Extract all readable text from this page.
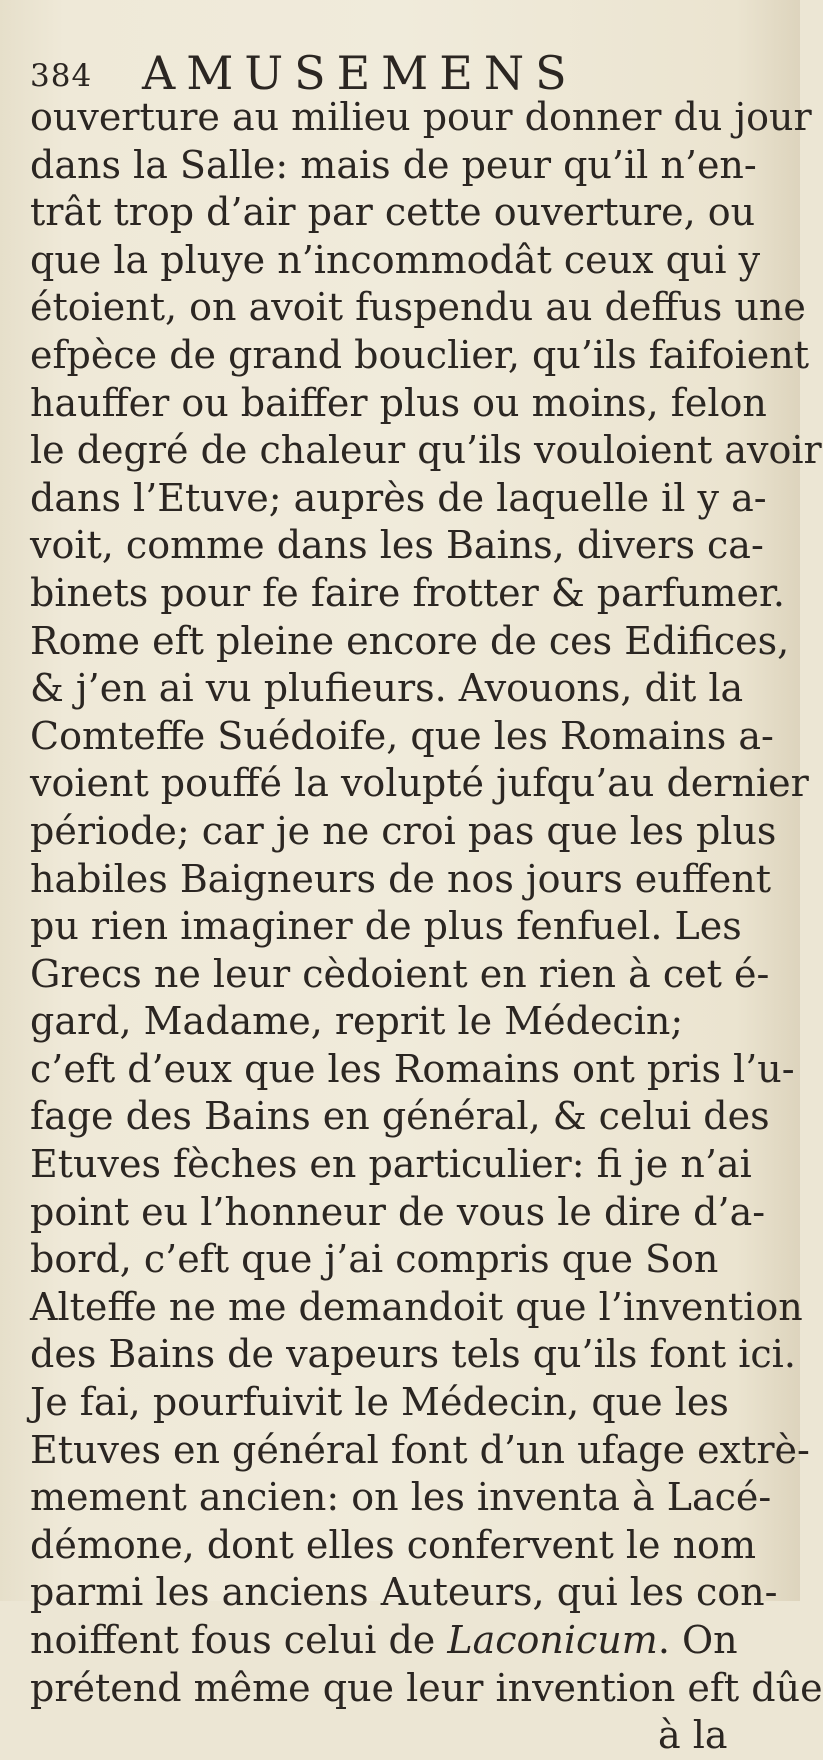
384 AMUSEMENS
ouverture au milieu pour donner du jour
dans la Salle: mais de peur qu’il n’en-
trât trop d’air par cette ouverture, ou
que la pluye n’incommodât ceux qui y
étoient, on avoit fuspendu au deffus une
efpèce de grand bouclier, qu’ils faifoient
hauffer ou baiffer plus ou moins, felon
le degré de chaleur qu’ils vouloient avoir
dans l’Etuve; auprès de laquelle il y a-
voit, comme dans les Bains, divers ca-
binets pour fe faire frotter & parfumer.
Rome eft pleine encore de ces Edifices,
& j’en ai vu plufieurs. Avouons, dit la
Comteffe Suédoife, que les Romains a-
voient pouffé la volupté jufqu’au dernier
période; car je ne croi pas que les plus
habiles Baigneurs de nos jours euffent
pu rien imaginer de plus fenfuel. Les
Grecs ne leur cèdoient en rien à cet é-
gard, Madame, reprit le Médecin;
c’eft d’eux que les Romains ont pris l’u-
fage des Bains en général, & celui des
Etuves fèches en particulier: fi je n’ai
point eu l’honneur de vous le dire d’a-
bord, c’eft que j’ai compris que Son
Alteffe ne me demandoit que l’invention
des Bains de vapeurs tels qu’ils font ici.
Je fai, pourfuivit le Médecin, que les
Etuves en général font d’un ufage extrè-
mement ancien: on les inventa à Lacé-
démone, dont elles confervent le nom
parmi les anciens Auteurs, qui les con-
noiffent fous celui de Laconicum. On
prétend même que leur invention eft dûe
à la
